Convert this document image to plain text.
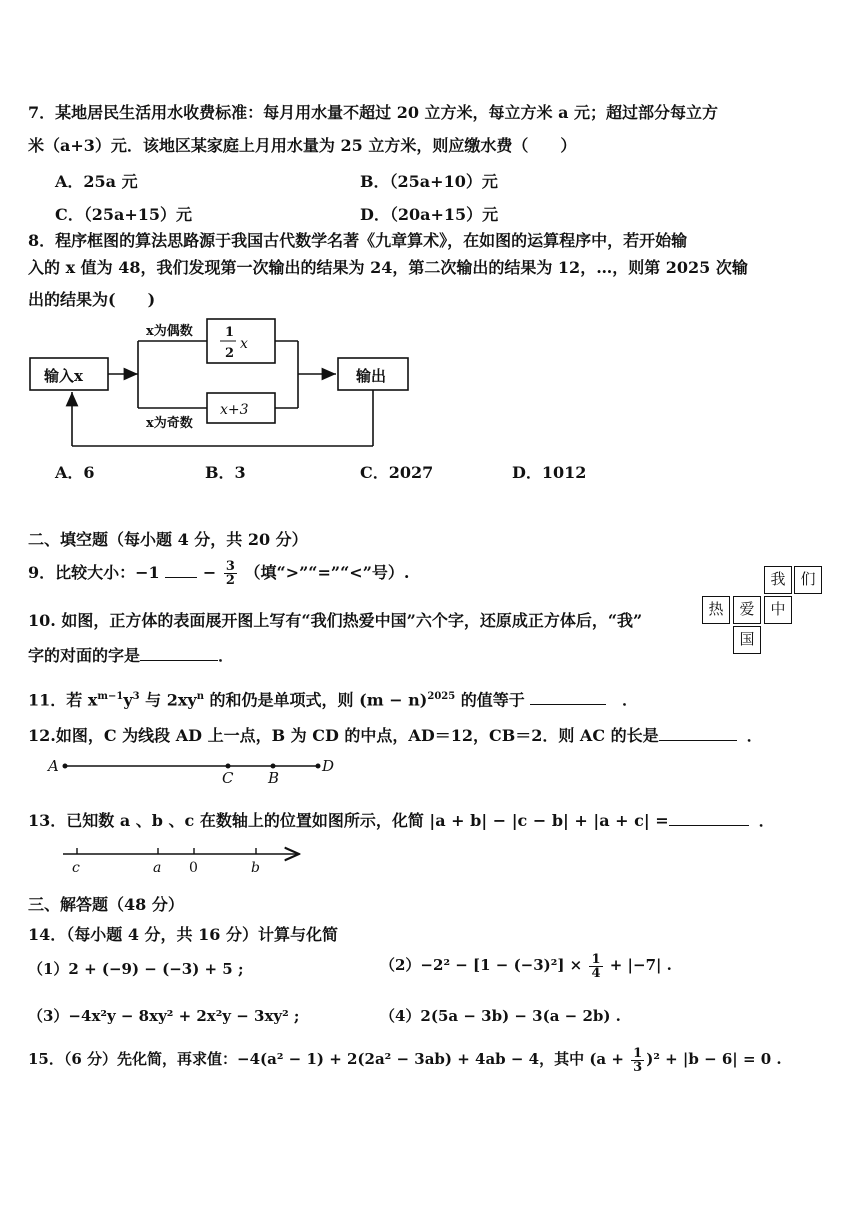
7．某地居民生活用水收费标准：每月用水量不超过 20 立方米，每立方米 a 元；超过部分每立方
米（a+3）元．该地区某家庭上月用水量为 25 立方米，则应缴水费（　　）
A．25a 元	B．（25a+10）元
C．（25a+15）元	D．（20a+15）元
8．程序框图的算法思路源于我国古代数学名著《九章算术》，在如图的运算程序中，若开始输
入的 x 值为 48，我们发现第一次输出的结果为 24，第二次输出的结果为 12，…，则第 2025 次输
出的结果为(　　)
输入x
x为偶数 1
2
x
x为奇数
x+3
输出
A．6	B．3	C．2027	D．1012
二、填空题（每小题 4 分，共 20 分）
9．比较大小：−1	− $\frac{3}{2}$ （填“>”“=”“<”号）.
10. 如图，正方体的表面展开图上写有“我们热爱中国”六个字，还原成正方体后，“我”
字的对面的字是	．
我 们
热	爱	中
国
11．若 $x^{m-1}y^3$ 与 $2xy^n$ 的和仍是单项式，则 $(m - n)^{2025}$ 的值等于	．
12.如图，C 为线段 AD 上一点，B 为 CD 的中点，AD＝12，CB＝2．则 AC 的长是	．
A
C B
D
13．已知数 a 、b 、c 在数轴上的位置如图所示，化简 |a + b| − |c − b| + |a + c| =	．
c	a 0	b
三、解答题（48 分）
14．（每小题 4 分，共 16 分）计算与化简
（1）2 + (−9) − (−3) + 5 ;	$(2)-2^2 - [1 - (-3)^2] \times \frac{1}{4} + |-7|$ .
（3）−4x²y − 8xy² + 2x²y − 3xy² ;	（4）2(5a − 3b) − 3(a − 2b) .
15．（6 分）先化简，再求值：−4(a² − 1) + 2(2a² − 3ab) + 4ab − 4，其中 $(a + \frac{1}{3} )^2 + |b - 6| = 0$ .
